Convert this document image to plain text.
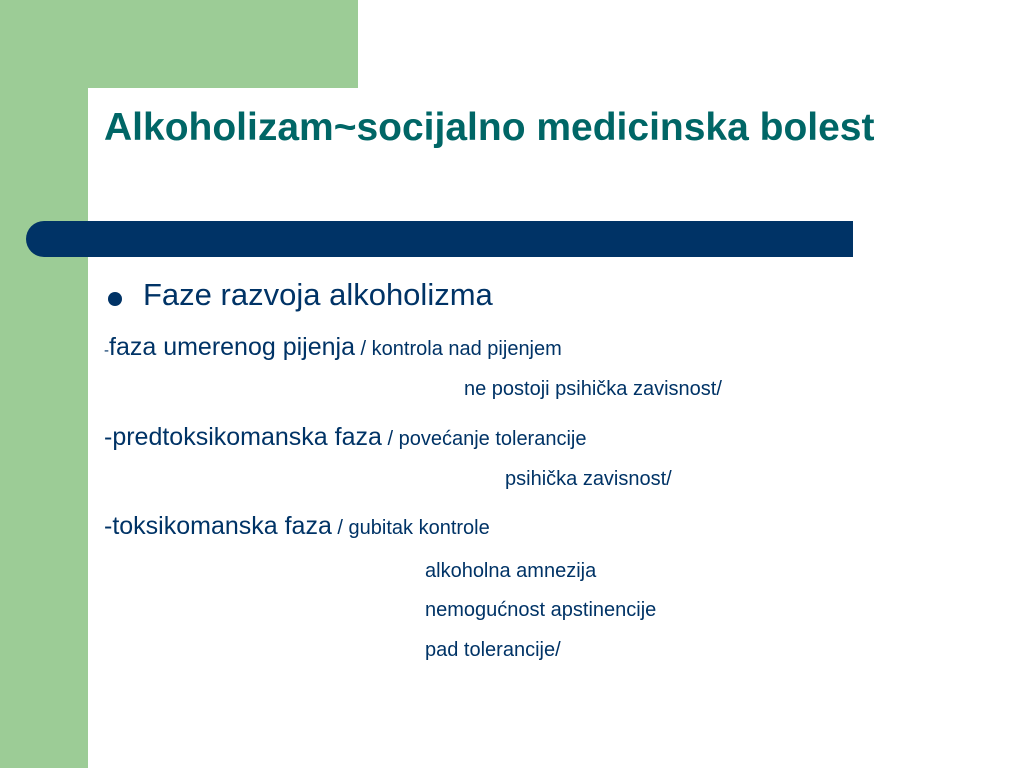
Alkoholizam~socijalno medicinska bolest
Faze razvoja alkoholizma
-faza umerenog pijenja / kontrola nad pijenjem
ne postoji psihička zavisnost/
-predtoksikomanska faza / povećanje tolerancije
psihička zavisnost/
-toksikomanska faza / gubitak kontrole
alkoholna amnezija
nemogućnost apstinencije
pad tolerancije/
